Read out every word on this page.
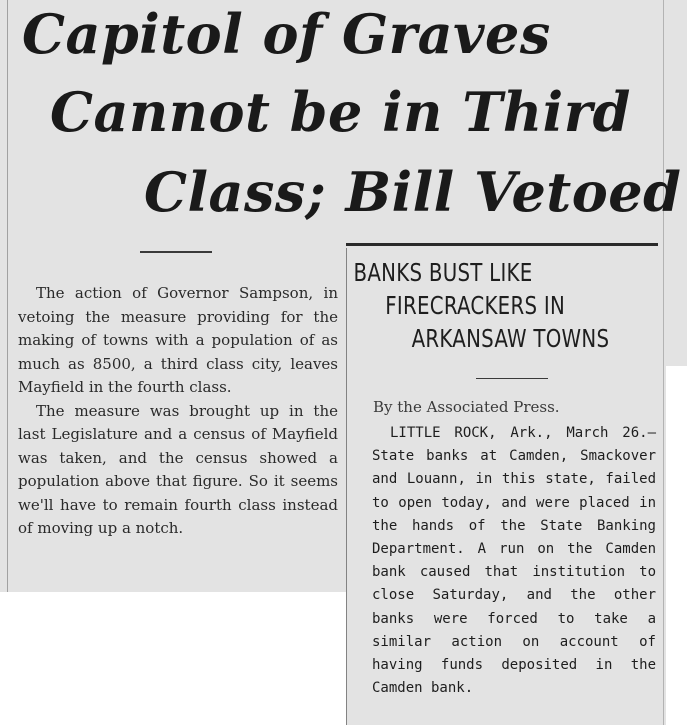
Capitol of Graves
Cannot be in Third
Class; Bill Vetoed

The action of Governor Sampson, in vetoing the measure providing for the making of towns with a population of as much as 8500, a third class city, leaves Mayfield in the fourth class.

The measure was brought up in the last Legislature and a census of Mayfield was taken, and the census showed a population above that figure. So it seems we'll have to remain fourth class instead of moving up a notch.

BANKS BUST LIKE
FIRECRACKERS IN
ARKANSAW TOWNS
By the Associated Press.

LITTLE ROCK, Ark., March 26.—State banks at Camden, Smackover and Louann, in this state, failed to open today, and were placed in the hands of the State Banking Department. A run on the Camden bank caused that institution to close Saturday, and the other banks were forced to take a similar action on account of having funds deposited in the Camden bank.
